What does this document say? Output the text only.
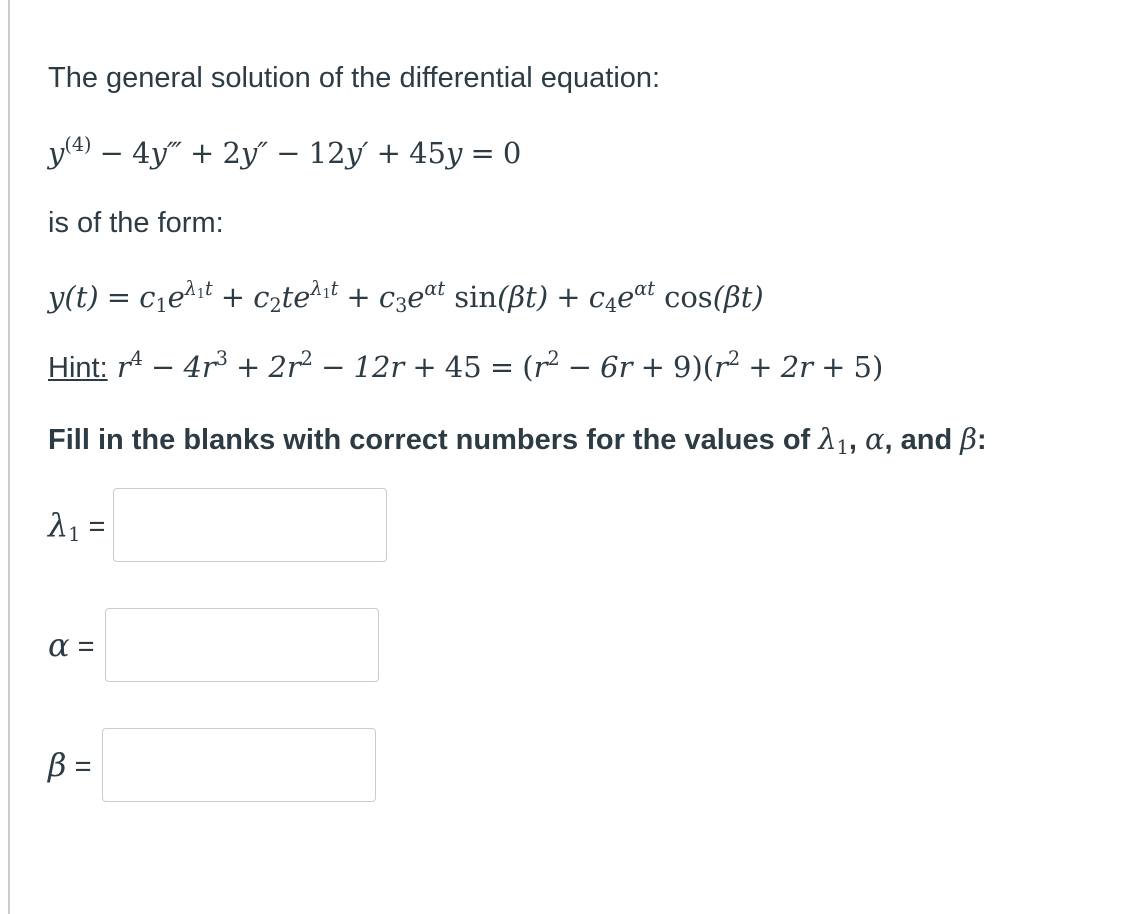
The general solution of the differential equation:
$y^{(4)}$ − 4y‴ + 2y″ − 12y′ + 45y = 0
is of the form:
$y(t) = c_1e^{\lambda_1t} + c_2te^{\lambda_1t} + c_3e^{\alpha t}$ $\sin(\beta t) + c_4e^{\alpha t}$ cos(βt)
Hint: $r^4 - 4r^3 + 2r^2 - 12r + 45 = (r^2 - 6r + 9)(r^2 + 2r + 5)$
Fill in the blanks with correct numbers for the values of $\lambda_1$, α, and β:
$\lambda_1$ =
α =
β =
